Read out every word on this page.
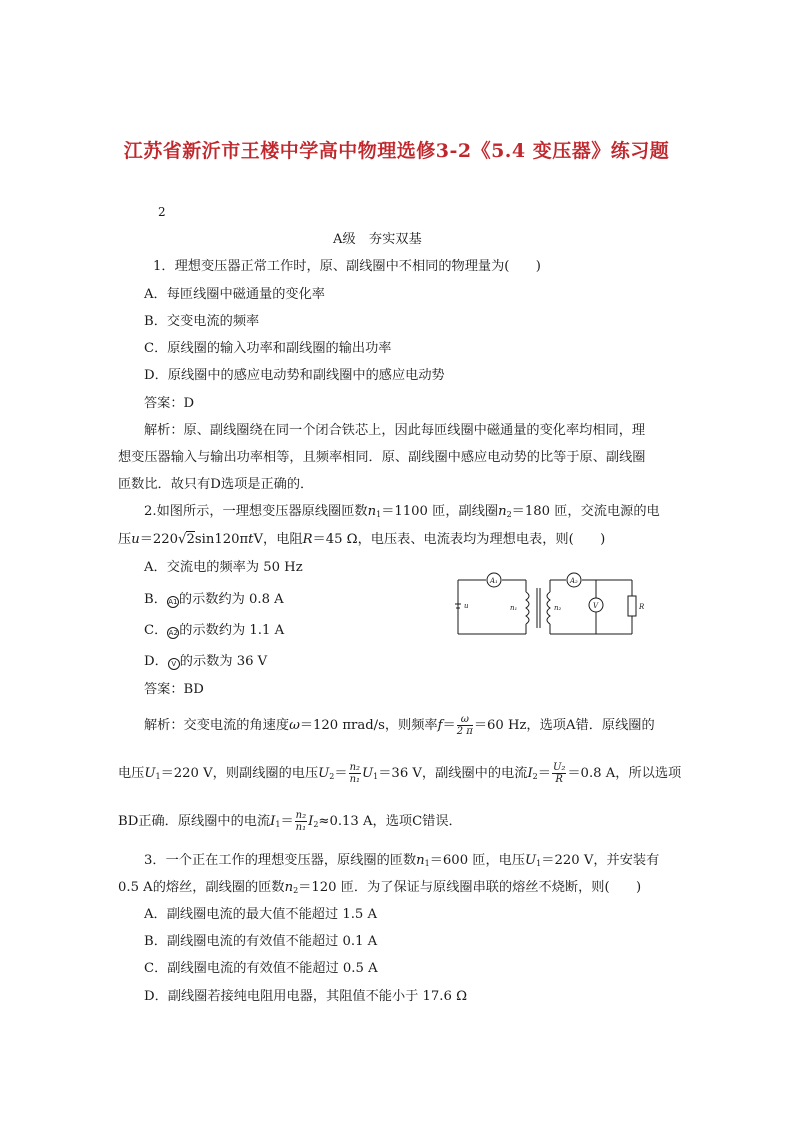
江苏省新沂市王楼中学高中物理选修3-2《5.4 变压器》练习题
2
A级　夯实双基
1．理想变压器正常工作时，原、副线圈中不相同的物理量为(　　)
A．每匝线圈中磁通量的变化率
B．交变电流的频率
C．原线圈的输入功率和副线圈的输出功率
D．原线圈中的感应电动势和副线圈中的感应电动势
答案：D
解析：原、副线圈绕在同一个闭合铁芯上，因此每匝线圈中磁通量的变化率均相同，理
想变压器输入与输出功率相等，且频率相同．原、副线圈中感应电动势的比等于原、副线圈
匝数比．故只有D选项是正确的．
2.如图所示，一理想变压器原线圈匝数$n_1=1100$ 匝，副线圈$n_2=180$ 匝，交流电源的电
压u＝220√2sin120πtV，电阻R＝45 Ω，电压表、电流表均为理想电表，则(　　)
A．交流电的频率为 50 Hz
B．A1的示数约为 0.8 A
C．A2的示数约为 1.1 A
D． V 的示数为 36 V
A₁	A₂
V
u	n₁	n₂	R
答案：BD
解析：交变电流的角速度ω＝120 πrad/s，则频率$f= \frac{\omega}{2 \pi} =60$ Hz，选项A错．原线圈的
电压$U_1=220$ V，则副线圈的电压$U_2= \frac{\text{n₂}}{\text{n₁}} U_1=36$ V，副线圈中的电流$I_2= \frac{\text{U₂}}{R} =0.8$ A，所以选项
BD正确．原线圈中的电流$I_1= \frac{\text{n₂}}{\text{n₁}} I_2\approx 0.13$ A，选项C错误．
3．一个正在工作的理想变压器，原线圈的匝数$n_1=600$ 匝，电压$U_1=220$ V，并安装有
0.5 A的熔丝，副线圈的匝数$n_2=120$ 匝．为了保证与原线圈串联的熔丝不烧断，则(　　)
A．副线圈电流的最大值不能超过 1.5 A
B．副线圈电流的有效值不能超过 0.1 A
C．副线圈电流的有效值不能超过 0.5 A
D．副线圈若接纯电阻用电器，其阻值不能小于 17.6 Ω
